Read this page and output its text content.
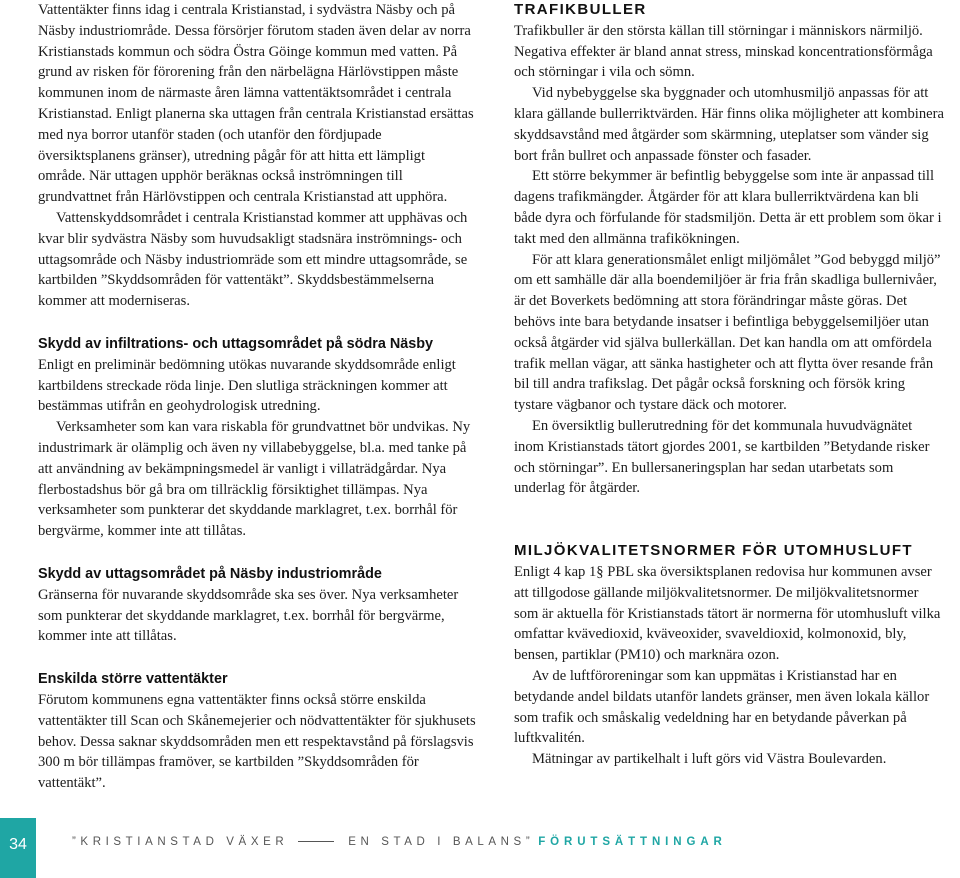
Vattentäkter finns idag i centrala Kristianstad, i sydvästra Näsby och på Näsby industriområde. Dessa försörjer förutom staden även delar av norra Kristianstads kommun och södra Östra Göinge kommun med vatten. På grund av risken för förorening från den närbelägna Härlövstippen måste kommunen inom de närmaste åren lämna vattentäktsområdet i centrala Kristianstad. Enligt planerna ska uttagen från centrala Kristianstad ersättas med nya borror utanför staden (och utanför den fördjupade översiktsplanens gränser), utredning pågår för att hitta ett lämpligt område. När uttagen upphör beräknas också inströmningen till grundvattnet från Härlövstippen och centrala Kristianstad att upphöra.

Vattenskyddsområdet i centrala Kristianstad kommer att upphävas och kvar blir sydvästra Näsby som huvudsakligt stadsnära inströmnings- och uttagsområde och Näsby industriomräde som ett mindre uttagsområde, se kartbilden ”Skyddsområden för vattentäkt”. Skyddsbestämmelserna kommer att moderniseras.

Skydd av infiltrations- och uttagsområdet på södra Näsby

Enligt en preliminär bedömning utökas nuvarande skyddsområde enligt kartbildens streckade röda linje. Den slutliga sträckningen kommer att bestämmas utifrån en geohydrologisk utredning.

Verksamheter som kan vara riskabla för grundvattnet bör undvikas. Ny industrimark är olämplig och även ny villabebyggelse, bl.a. med tanke på att användning av bekämpningsmedel är vanligt i villaträdgårdar. Nya flerbostadshus bör gå bra om tillräcklig försiktighet tillämpas. Nya verksamheter som punkterar det skyddande marklagret, t.ex. borrhål för bergvärme, kommer inte att tillåtas.

Skydd av uttagsområdet på Näsby industriområde

Gränserna för nuvarande skyddsområde ska ses över. Nya verksamheter som punkterar det skyddande marklagret, t.ex. borrhål för bergvärme, kommer inte att tillåtas.

Enskilda större vattentäkter

Förutom kommunens egna vattentäkter finns också större enskilda vattentäkter till Scan och Skånemejerier och nödvattentäkter för sjukhusets behov. Dessa saknar skyddsområden men ett respektavstånd på förslagsvis 300 m bör tillämpas framöver, se kartbilden ”Skyddsområden för vattentäkt”.

TRAFIKBULLER

Trafikbuller är den största källan till störningar i människors närmiljö. Negativa effekter är bland annat stress, minskad koncentrationsförmåga och störningar i vila och sömn.

Vid nybebyggelse ska byggnader och utomhusmiljö anpassas för att klara gällande bullerriktvärden. Här finns olika möjligheter att kombinera skyddsavstånd med åtgärder som skärmning, uteplatser som vänder sig bort från bullret och anpassade fönster och fasader.

Ett större bekymmer är befintlig bebyggelse som inte är anpassad till dagens trafikmängder. Åtgärder för att klara bullerriktvärdena kan bli både dyra och förfulande för stadsmiljön. Detta är ett problem som ökar i takt med den allmänna trafikökningen.

För att klara generationsmålet enligt miljömålet ”God bebyggd miljö” om ett samhälle där alla boendemiljöer är fria från skadliga bullernivåer, är det Boverkets bedömning att stora förändringar måste göras. Det behövs inte bara betydande insatser i befintliga bebyggelsemiljöer utan också åtgärder vid själva bullerkällan. Det kan handla om att omfördela trafik mellan vägar, att sänka hastigheter och att flytta över resande från bil till andra trafikslag. Det pågår också forskning och försök kring tystare vägbanor och tystare däck och motorer.

En översiktlig bullerutredning för det kommunala huvudvägnätet inom Kristianstads tätort gjordes 2001, se kartbilden ”Betydande risker och störningar”. En bullersaneringsplan har sedan utarbetats som underlag för åtgärder.

MILJÖKVALITETSNORMER FÖR UTOMHUSLUFT

Enligt 4 kap 1§ PBL ska översiktsplanen redovisa hur kommunen avser att tillgodose gällande miljökvalitetsnormer. De miljökvalitetsnormer som är aktuella för Kristianstads tätort är normerna för utomhusluft vilka omfattar kvävedioxid, kväveoxider, svaveldioxid, kolmonoxid, bly, bensen, partiklar (PM10) och marknära ozon.

Av de luftföroreningar som kan uppmätas i Kristianstad har en betydande andel bildats utanför landets gränser, men även lokala källor som trafik och småskalig vedeldning har en betydande påverkan på luftkvalitén.

Mätningar av partikelhalt i luft görs vid Västra Boulevarden.

34	”KRISTIANSTAD VÄXER	EN STAD I BALANS” FÖRUTSÄTTNINGAR
